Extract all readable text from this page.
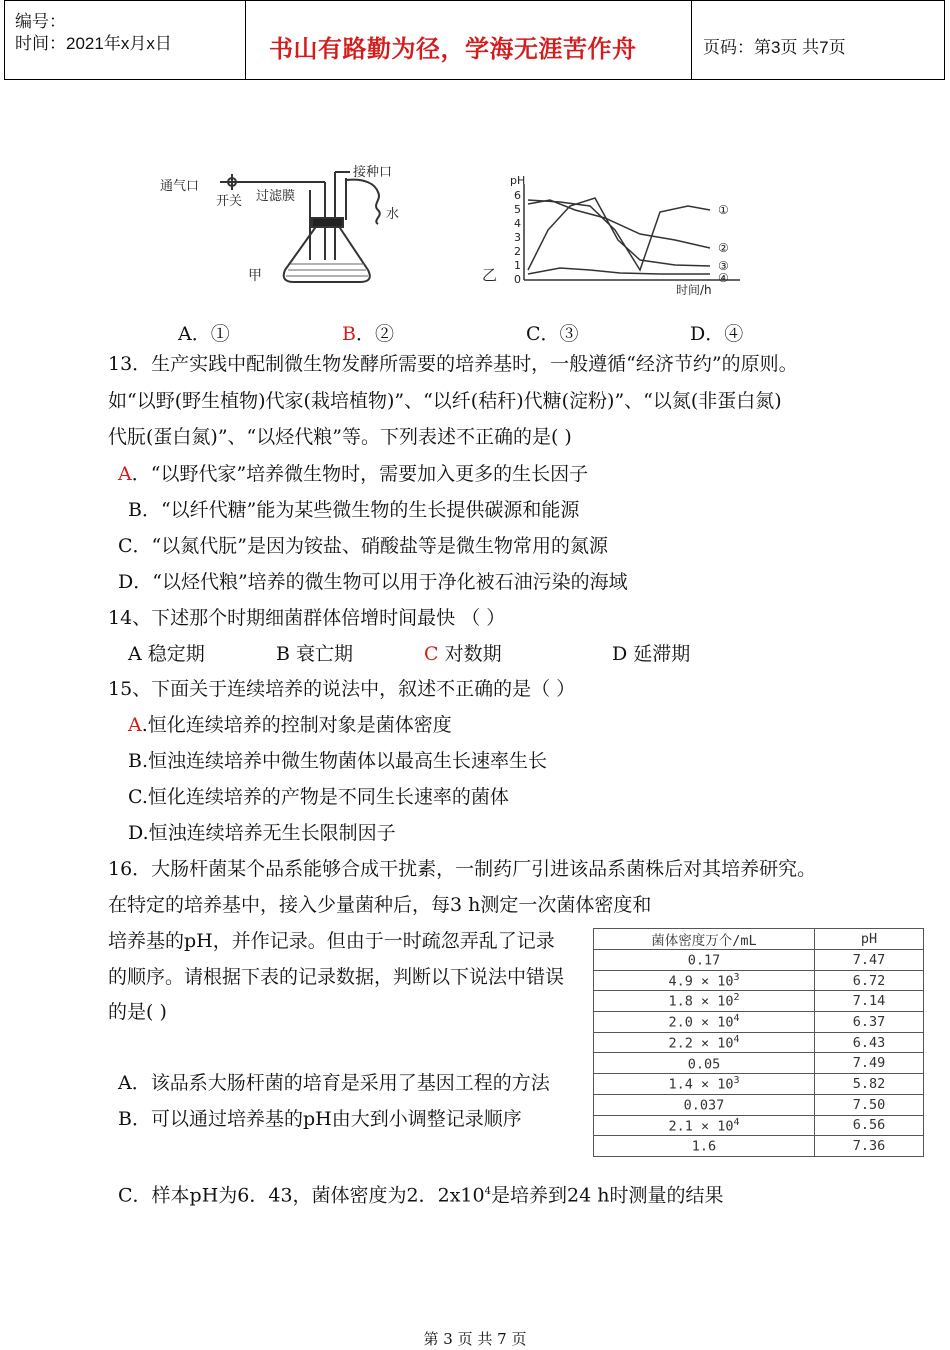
编号：
时间：2021年x月x日	书山有路勤为径，学海无涯苦作舟	页码：第3页 共7页
通气口
开关 过滤膜
接种口
水
甲
pH
6
5
4
3
2
1
0
①
②
③
④
乙
时间/h
A．①	B．②	C．③	D．④
13．生产实践中配制微生物发酵所需要的培养基时，一般遵循“经济节约”的原则。
如“以野(野生植物)代家(栽培植物)”、“以纤(秸秆)代糖(淀粉)”、“以氮(非蛋白氮)
代朊(蛋白氮)”、“以烃代粮”等。下列表述不正确的是( )
A．“以野代家”培养微生物时，需要加入更多的生长因子
B．“以纤代糖”能为某些微生物的生长提供碳源和能源
C．“以氮代朊”是因为铵盐、硝酸盐等是微生物常用的氮源
D．“以烃代粮”培养的微生物可以用于净化被石油污染的海域
14、下述那个时期细菌群体倍增时间最快 （ ）
A 稳定期	B 衰亡期	C 对数期	D 延滞期
15、下面关于连续培养的说法中，叙述不正确的是（ ）
A.恒化连续培养的控制对象是菌体密度
B.恒浊连续培养中微生物菌体以最高生长速率生长
C.恒化连续培养的产物是不同生长速率的菌体
D.恒浊连续培养无生长限制因子
16．大肠杆菌某个品系能够合成干扰素，一制药厂引进该品系菌株后对其培养研究。
在特定的培养基中，接入少量菌种后，每3 h测定一次菌体密度和
培养基的pH，并作记录。但由于一时疏忽弄乱了记录
的顺序。请根据下表的记录数据，判断以下说法中错误
的是( )
A．该品系大肠杆菌的培育是采用了基因工程的方法
B．可以通过培养基的pH由大到小调整记录顺序
C．样本pH为6．43，菌体密度为2．$2x10^4$是培养到24 h时测量的结果
菌体密度万个/mL	pH
0.17	7.47
$4.9 \times 10^3$	6.72
$1.8 \times 10^2$	7.14
$2.0 \times 10^4$	6.37
$2.2 \times 10^4$	6.43
0.05	7.49
$1.4 \times 10^3$	5.82
0.037	7.50
$2.1 \times 10^4$	6.56
1.6	7.36
第 3 页 共 7 页
